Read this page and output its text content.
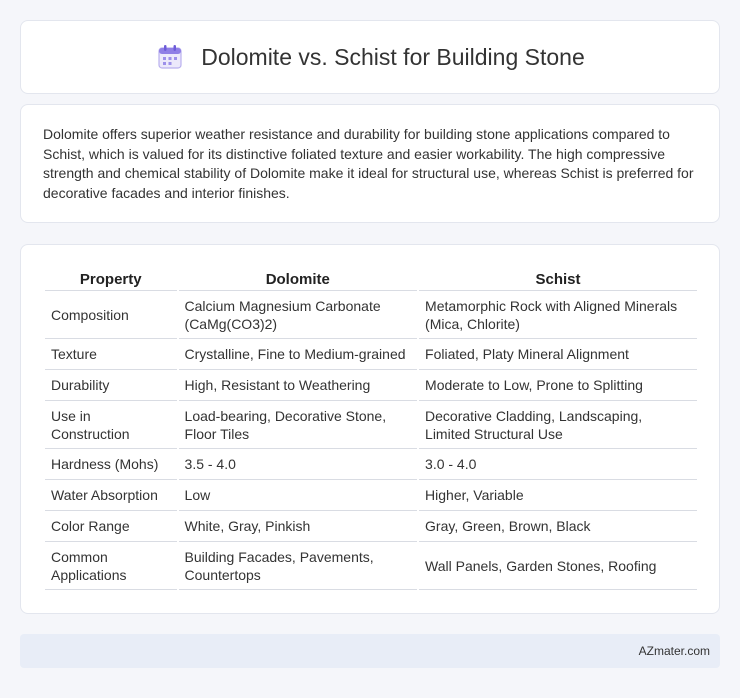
Dolomite vs. Schist for Building Stone

Dolomite offers superior weather resistance and durability for building stone applications compared to Schist, which is valued for its distinctive foliated texture and easier workability. The high compressive strength and chemical stability of Dolomite make it ideal for structural use, whereas Schist is preferred for decorative facades and interior finishes.

Property	Dolomite	Schist
Composition	Calcium Magnesium Carbonate (CaMg(CO3)2)	Metamorphic Rock with Aligned Minerals (Mica, Chlorite)
Texture	Crystalline, Fine to Medium-grained	Foliated, Platy Mineral Alignment
Durability	High, Resistant to Weathering	Moderate to Low, Prone to Splitting
Use in Construction	Load-bearing, Decorative Stone, Floor Tiles	Decorative Cladding, Landscaping, Limited Structural Use
Hardness (Mohs)	3.5 - 4.0	3.0 - 4.0
Water Absorption	Low	Higher, Variable
Color Range	White, Gray, Pinkish	Gray, Green, Brown, Black
Common Applications	Building Facades, Pavements, Countertops	Wall Panels, Garden Stones, Roofing
AZmater.com
